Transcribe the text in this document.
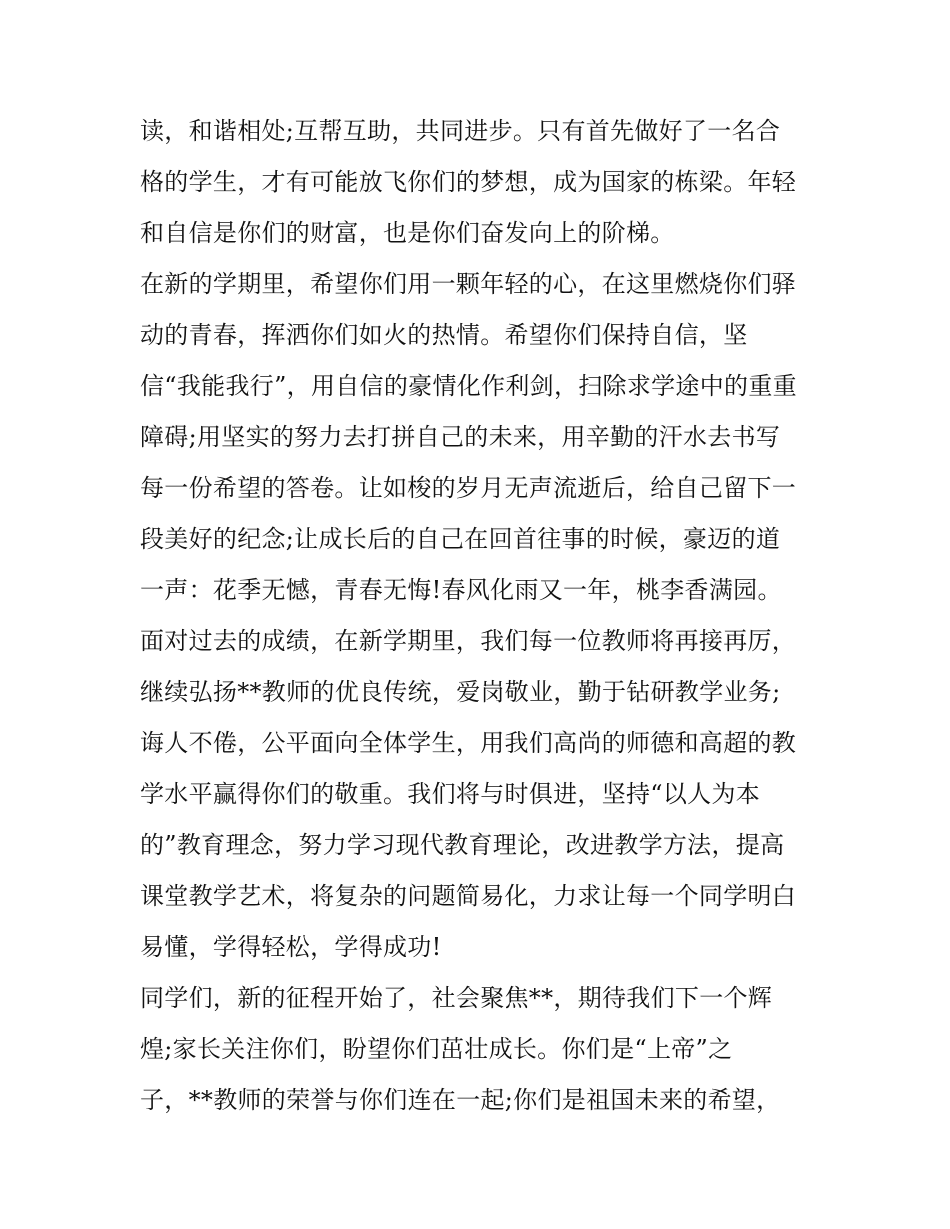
读，和谐相处;互帮互助，共同进步。只有首先做好了一名合
格的学生，才有可能放飞你们的梦想，成为国家的栋梁。年轻
和自信是你们的财富，也是你们奋发向上的阶梯。
在新的学期里，希望你们用一颗年轻的心，在这里燃烧你们驿
动的青春，挥洒你们如火的热情。希望你们保持自信，坚
信“我能我行”，用自信的豪情化作利剑，扫除求学途中的重重
障碍;用坚实的努力去打拼自己的未来，用辛勤的汗水去书写
每一份希望的答卷。让如梭的岁月无声流逝后，给自己留下一
段美好的纪念;让成长后的自己在回首往事的时候，豪迈的道
一声：花季无憾，青春无悔!春风化雨又一年，桃李香满园。
面对过去的成绩，在新学期里，我们每一位教师将再接再厉，
继续弘扬**教师的优良传统，爱岗敬业，勤于钻研教学业务;
诲人不倦，公平面向全体学生，用我们高尚的师德和高超的教
学水平赢得你们的敬重。我们将与时俱进，坚持“以人为本
的”教育理念，努力学习现代教育理论，改进教学方法，提高
课堂教学艺术，将复杂的问题简易化，力求让每一个同学明白
易懂，学得轻松，学得成功!
同学们，新的征程开始了，社会聚焦**，期待我们下一个辉
煌;家长关注你们，盼望你们茁壮成长。你们是“上帝”之
子，**教师的荣誉与你们连在一起;你们是祖国未来的希望，
